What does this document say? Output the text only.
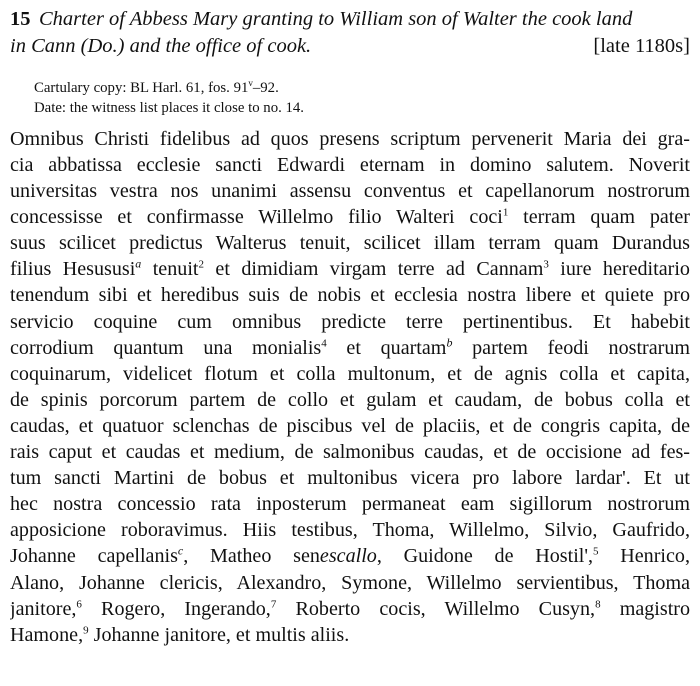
15 Charter of Abbess Mary granting to William son of Walter the cook land
in Cann (Do.) and the office of cook.	[late 1180s]
Cartulary copy: BL Harl. 61, fos. 91$^v$–92.
Date: the witness list places it close to no. 14.
Omnibus Christi fidelibus ad quos presens scriptum pervenerit Maria dei gra-
cia abbatissa ecclesie sancti Edwardi eternam in domino salutem. Noverit
universitas vestra nos unanimi assensu conventus et capellanorum nostrorum
concessisse et confirmasse Willelmo filio Walteri coci$^1$ terram quam pater
suus scilicet predictus Walterus tenuit, scilicet illam terram quam Durandus
filius Hesususi$^a$ tenuit$^2$ et dimidiam virgam terre ad Cannam$^3$ iure hereditario
tenendum sibi et heredibus suis de nobis et ecclesia nostra libere et quiete pro
servicio coquine cum omnibus predicte terre pertinentibus. Et habebit
corrodium quantum una monialis$^4$ et quartam$^b$ partem feodi nostrarum
coquinarum, videlicet flotum et colla multonum, et de agnis colla et capita,
de spinis porcorum partem de collo et gulam et caudam, de bobus colla et
caudas, et quatuor sclenchas de piscibus vel de placiis, et de congris capita, de
rais caput et caudas et medium, de salmonibus caudas, et de occisione ad fes-
tum sancti Martini de bobus et multonibus vicera pro labore lardar'. Et ut
hec nostra concessio rata inposterum permaneat eam sigillorum nostrorum
apposicione roboravimus. Hiis testibus, Thoma, Willelmo, Silvio, Gaufrido,
Johanne capellanis$^c$, Matheo senescallo, Guidone de Hostil',$^5$ Henrico,
Alano, Johanne clericis, Alexandro, Symone, Willelmo servientibus, Thoma
janitore,$^6$ Rogero, Ingerando,$^7$ Roberto cocis, Willelmo Cusyn,$^8$ magistro
Hamone,$^9$ Johanne janitore, et multis aliis.
